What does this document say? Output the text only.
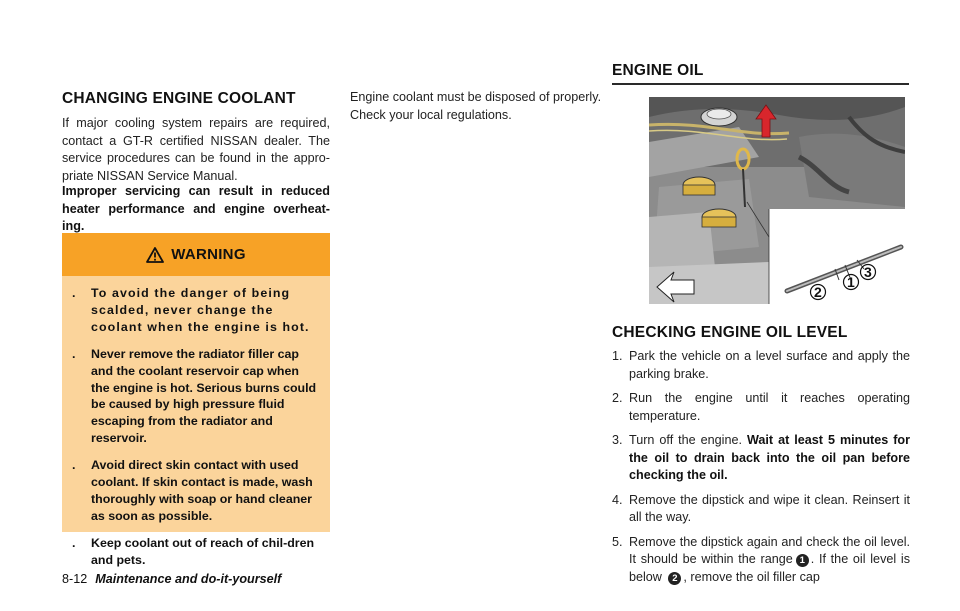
CHANGING ENGINE COOLANT

If major cooling system repairs are required, contact a GT-R certified NISSAN dealer. The service procedures can be found in the appro-priate NISSAN Service Manual.

Improper servicing can result in reduced heater performance and engine overheat-ing.

WARNING
. To avoid the danger of being scalded, never change the coolant when the engine is hot.
. Never remove the radiator filler cap and the coolant reservoir cap when the engine is hot. Serious burns could be caused by high pressure fluid escaping from the radiator and reservoir.
. Avoid direct skin contact with used coolant. If skin contact is made, wash thoroughly with soap or hand cleaner as soon as possible.
. Keep coolant out of reach of chil-dren and pets.

Engine coolant must be disposed of properly. Check your local regulations.

ENGINE OIL
1
2
3
CHECKING ENGINE OIL LEVEL
1. Park the vehicle on a level surface and apply the parking brake.
2. Run the engine until it reaches operating temperature.
3. Turn off the engine. Wait at least 5 minutes for the oil to drain back into the oil pan before checking the oil.
4. Remove the dipstick and wipe it clean. Reinsert it all the way.
5. Remove the dipstick again and check the oil level. It should be within the range 1 . If the oil level is below 2 , remove the oil filler cap
8-12 Maintenance and do-it-yourself
